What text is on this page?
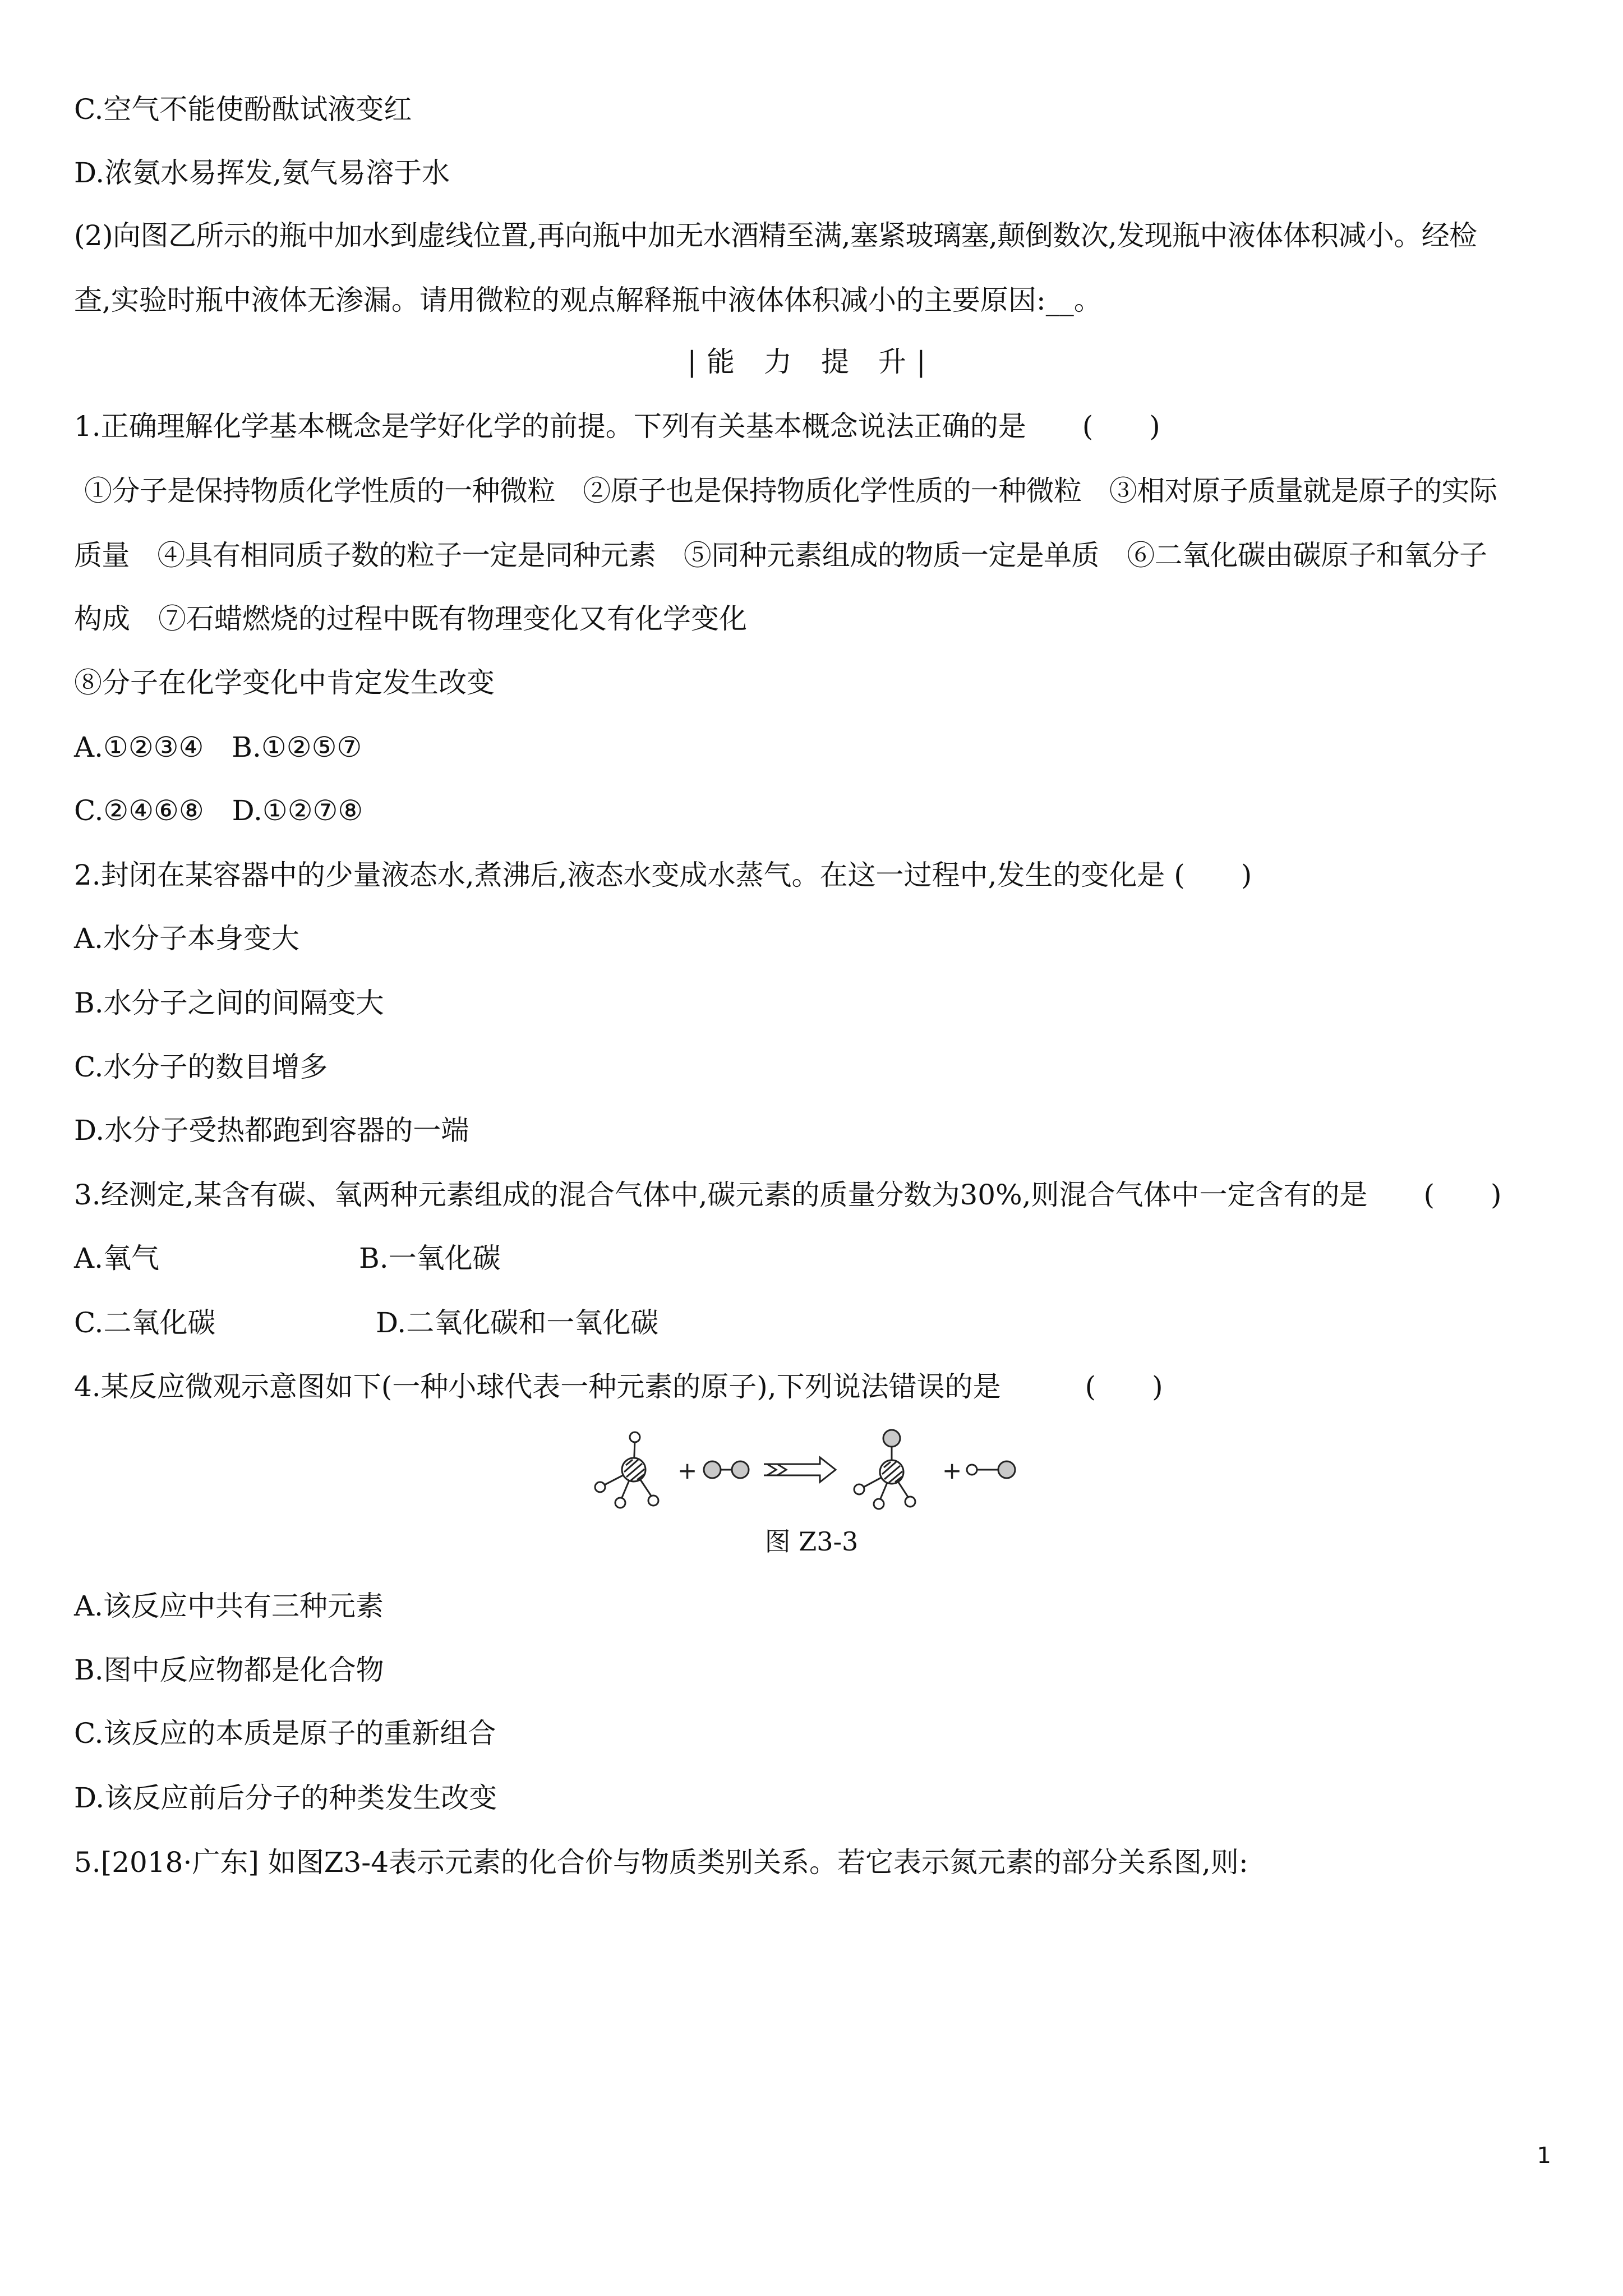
C.空气不能使酚酞试液变红
D.浓氨水易挥发,氨气易溶于水
(2)向图乙所示的瓶中加水到虚线位置,再向瓶中加无水酒精至满,塞紧玻璃塞,颠倒数次,发现瓶中液体体积减小。经检
查,实验时瓶中液体无渗漏。请用微粒的观点解释瓶中液体体积减小的主要原因:__。
|能 力 提 升|
1.正确理解化学基本概念是学好化学的前提。下列有关基本概念说法正确的是　　(　　)
①分子是保持物质化学性质的一种微粒　②原子也是保持物质化学性质的一种微粒　③相对原子质量就是原子的实际
质量　④具有相同质子数的粒子一定是同种元素　⑤同种元素组成的物质一定是单质　⑥二氧化碳由碳原子和氧分子
构成　⑦石蜡燃烧的过程中既有物理变化又有化学变化
⑧分子在化学变化中肯定发生改变
A.①②③④　B.①②⑤⑦
C.②④⑥⑧　D.①②⑦⑧
2.封闭在某容器中的少量液态水,煮沸后,液态水变成水蒸气。在这一过程中,发生的变化是 (　　)
A.水分子本身变大
B.水分子之间的间隔变大
C.水分子的数目增多
D.水分子受热都跑到容器的一端
3.经测定,某含有碳、氧两种元素组成的混合气体中,碳元素的质量分数为30%,则混合气体中一定含有的是　　(　　)
A.氧气	B.一氧化碳
C.二氧化碳	D.二氧化碳和一氧化碳
4.某反应微观示意图如下(一种小球代表一种元素的原子),下列说法错误的是　　　(　　)
+	+
图 Z3-3
A.该反应中共有三种元素
B.图中反应物都是化合物
C.该反应的本质是原子的重新组合
D.该反应前后分子的种类发生改变
5.[2018·广东] 如图Z3-4表示元素的化合价与物质类别关系。若它表示氮元素的部分关系图,则:
1
